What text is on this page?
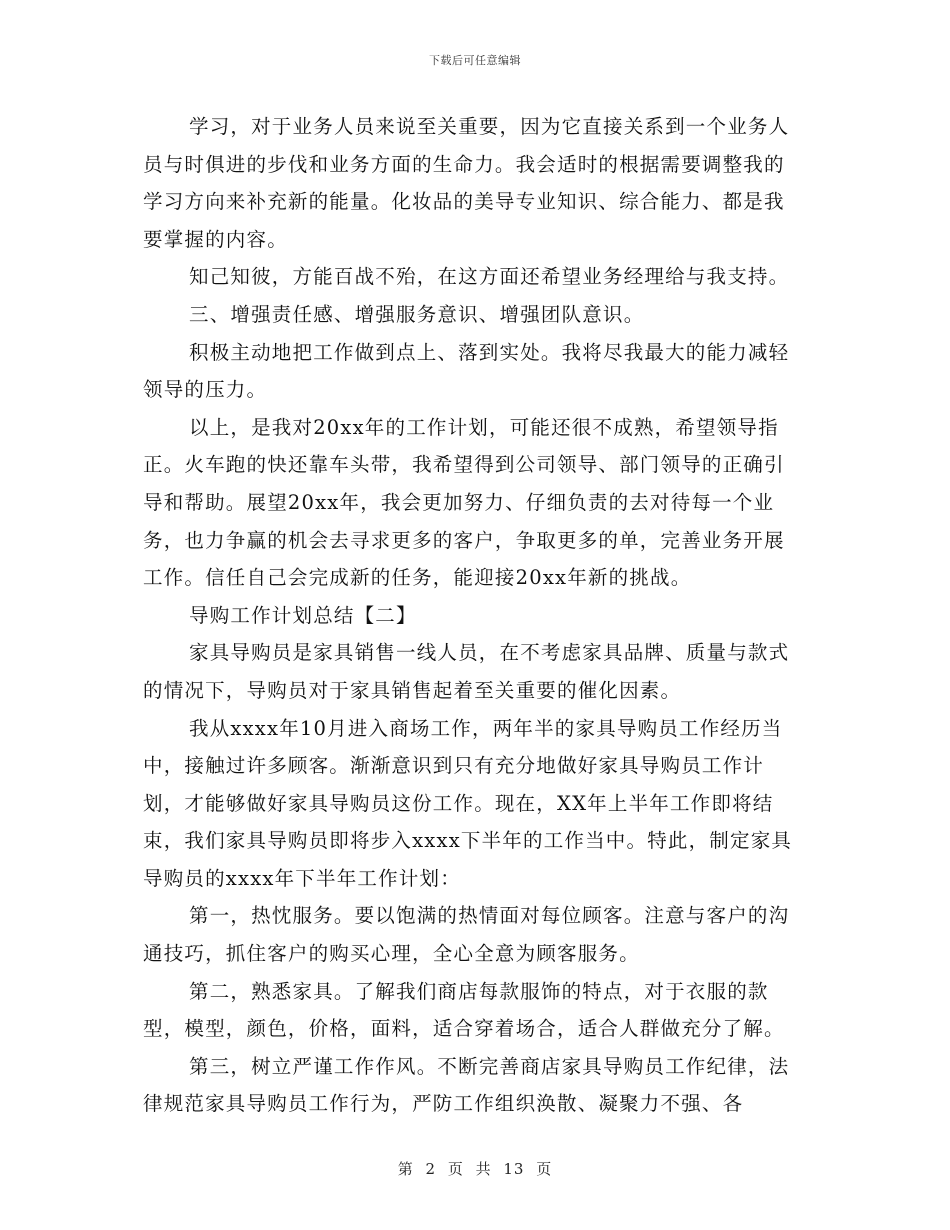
下载后可任意编辑

学习，对于业务人员来说至关重要，因为它直接关系到一个业务人员与时俱进的步伐和业务方面的生命力。我会适时的根据需要调整我的学习方向来补充新的能量。化妆品的美导专业知识、综合能力、都是我要掌握的内容。

知己知彼，方能百战不殆，在这方面还希望业务经理给与我支持。

三、增强责任感、增强服务意识、增强团队意识。

积极主动地把工作做到点上、落到实处。我将尽我最大的能力减轻领导的压力。

以上，是我对20xx年的工作计划，可能还很不成熟，希望领导指正。火车跑的快还靠车头带，我希望得到公司领导、部门领导的正确引导和帮助。展望20xx年，我会更加努力、仔细负责的去对待每一个业务，也力争赢的机会去寻求更多的客户，争取更多的单，完善业务开展工作。信任自己会完成新的任务，能迎接20xx年新的挑战。

导购工作计划总结【二】

家具导购员是家具销售一线人员，在不考虑家具品牌、质量与款式的情况下，导购员对于家具销售起着至关重要的催化因素。

我从xxxx年10月进入商场工作，两年半的家具导购员工作经历当中，接触过许多顾客。渐渐意识到只有充分地做好家具导购员工作计划，才能够做好家具导购员这份工作。现在，XX年上半年工作即将结束，我们家具导购员即将步入xxxx下半年的工作当中。特此，制定家具导购员的xxxx年下半年工作计划：

第一，热忱服务。要以饱满的热情面对每位顾客。注意与客户的沟通技巧，抓住客户的购买心理，全心全意为顾客服务。

第二，熟悉家具。了解我们商店每款服饰的特点，对于衣服的款型，模型，颜色，价格，面料，适合穿着场合，适合人群做充分了解。

第三，树立严谨工作作风。不断完善商店家具导购员工作纪律，法律规范家具导购员工作行为，严防工作组织涣散、凝聚力不强、各

第 2 页 共 13 页
